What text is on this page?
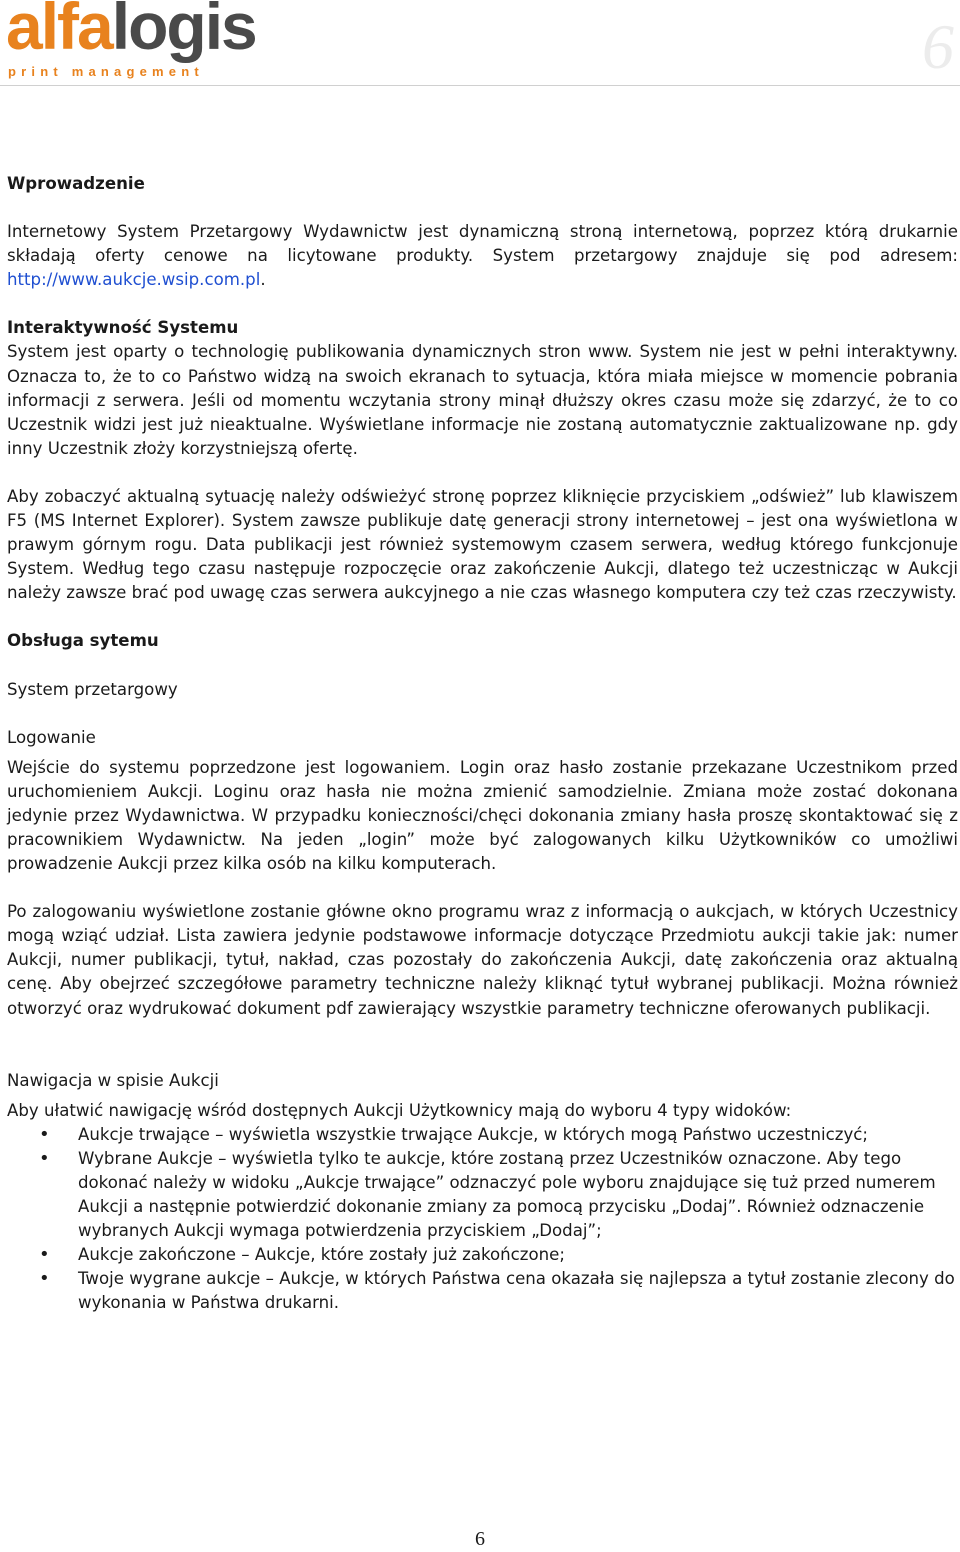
alfalogis
print management	6

Wprowadzenie

Internetowy System Przetargowy Wydawnictw jest dynamiczną stroną internetową, poprzez którą drukarnie składają oferty cenowe na licytowane produkty. System przetargowy znajduje się pod adresem: http://www.aukcje.wsip.com.pl.

Interaktywność Systemu

System jest oparty o technologię publikowania dynamicznych stron www. System nie jest w pełni interaktywny. Oznacza to, że to co Państwo widzą na swoich ekranach to sytuacja, która miała miejsce w momencie pobrania informacji z serwera. Jeśli od momentu wczytania strony minął dłuższy okres czasu może się zdarzyć, że to co Uczestnik widzi jest już nieaktualne. Wyświetlane informacje nie zostaną automatycznie zaktualizowane np. gdy inny Uczestnik złoży korzystniejszą ofertę.

Aby zobaczyć aktualną sytuację należy odświeżyć stronę poprzez kliknięcie przyciskiem „odśwież” lub klawiszem F5 (MS Internet Explorer). System zawsze publikuje datę generacji strony internetowej – jest ona wyświetlona w prawym górnym rogu. Data publikacji jest również systemowym czasem serwera, według którego funkcjonuje System. Według tego czasu następuje rozpoczęcie oraz zakończenie Aukcji, dlatego też uczestnicząc w Aukcji należy zawsze brać pod uwagę czas serwera aukcyjnego a nie czas własnego komputera czy też czas rzeczywisty.

Obsługa sytemu

System przetargowy

Logowanie

Wejście do systemu poprzedzone jest logowaniem. Login oraz hasło zostanie przekazane Uczestnikom przed uruchomieniem Aukcji. Loginu oraz hasła nie można zmienić samodzielnie. Zmiana może zostać dokonana jedynie przez Wydawnictwa. W przypadku konieczności/chęci dokonania zmiany hasła proszę skontaktować się z pracownikiem Wydawnictw. Na jeden „login” może być zalogowanych kilku Użytkowników co umożliwi prowadzenie Aukcji przez kilka osób na kilku komputerach.

Po zalogowaniu wyświetlone zostanie główne okno programu wraz z informacją o aukcjach, w których Uczestnicy mogą wziąć udział. Lista zawiera jedynie podstawowe informacje dotyczące Przedmiotu aukcji takie jak: numer Aukcji, numer publikacji, tytuł, nakład, czas pozostały do zakończenia Aukcji, datę zakończenia oraz aktualną cenę. Aby obejrzeć szczegółowe parametry techniczne należy kliknąć tytuł wybranej publikacji. Można również otworzyć oraz wydrukować dokument pdf zawierający wszystkie parametry techniczne oferowanych publikacji.

Nawigacja w spisie Aukcji

Aby ułatwić nawigację wśród dostępnych Aukcji Użytkownicy mają do wyboru 4 typy widoków:

• Aukcje trwające – wyświetla wszystkie trwające Aukcje, w których mogą Państwo uczestniczyć;
• Wybrane Aukcje – wyświetla tylko te aukcje, które zostaną przez Uczestników oznaczone. Aby tego dokonać należy w widoku „Aukcje trwające” odznaczyć pole wyboru znajdujące się tuż przed numerem Aukcji a następnie potwierdzić dokonanie zmiany za pomocą przycisku „Dodaj”. Również odznaczenie wybranych Aukcji wymaga potwierdzenia przyciskiem „Dodaj”;
• Aukcje zakończone – Aukcje, które zostały już zakończone;
• Twoje wygrane aukcje – Aukcje, w których Państwa cena okazała się najlepsza a tytuł zostanie zlecony do wykonania w Państwa drukarni.
6
